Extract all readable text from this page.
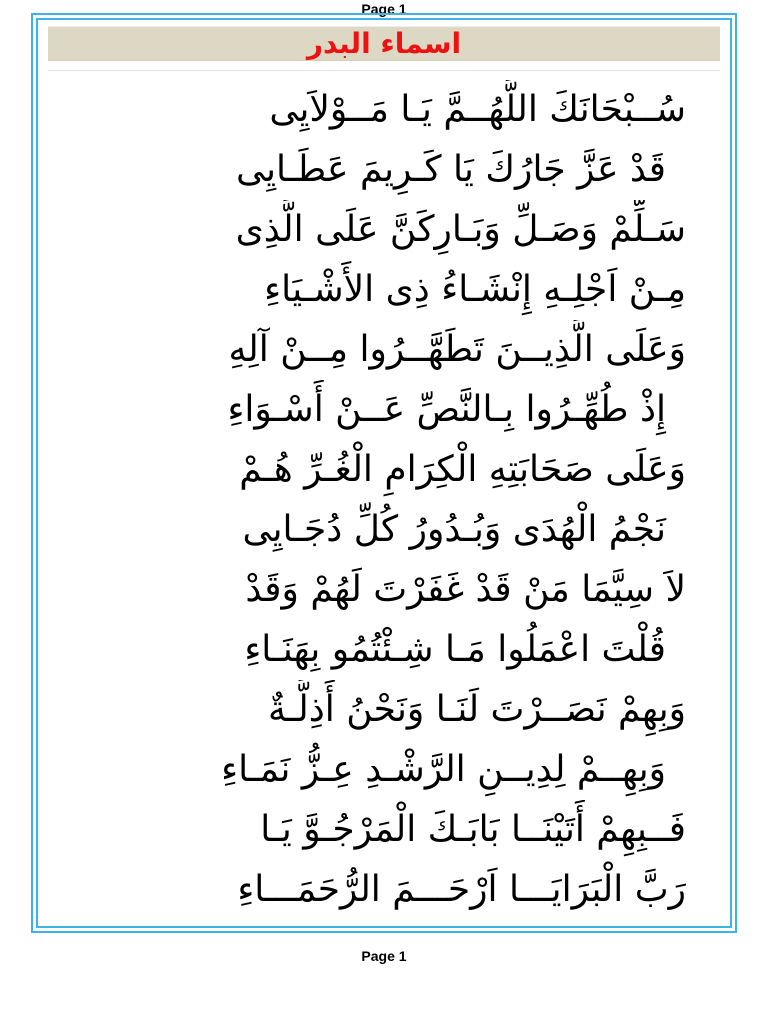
Page 1
اسماء البدر
سُــبْحَانَكَ اللَّهُــمَّ يَـا مَــوْلاَيِى
قَدْ عَزَّ جَارُكَ يَا كَـرِيمَ عَطَـايِى
سَـلِّمْ وَصَـلِّ وَبَـارِكَنَّ عَلَى الَّذِى
مِـنْ اَجْلِـهِ إِنْشَـاءُ ذِى الأَشْـيَاءِ
وَعَلَى الَّذِيــنَ تَطَهَّــرُوا مِــنْ آلِهِ
إِذْ طُهِّـرُوا بِـالنَّصِّ عَــنْ أَسْـوَاءِ
وَعَلَى صَحَابَتِهِ الْكِرَامِ الْغُـرِّ هُـمْ
نَجْمُ الْهُدَى وَبُـدُورُ كُلِّ دُجَـايِى
لاَ سِيَّمَا مَنْ قَدْ غَفَرْتَ لَهُمْ وَقَدْ
قُلْتَ اعْمَلُوا مَـا شِـئْتُمُو بِهَنَـاءِ
وَبِهِمْ نَصَــرْتَ لَنَـا وَنَحْنُ أَذِلَّـةٌ
وَبِهِــمْ لِدِيــنِ الرَّشْـدِ عِـزُّ نَمَـاءِ
فَــبِهِمْ أَتَيْنَــا بَابَـكَ الْمَرْجُـوَّ يَـا
رَبَّ الْبَرَايَـــا اَرْحَـــمَ الرُّحَمَـــاءِ
Page 1
